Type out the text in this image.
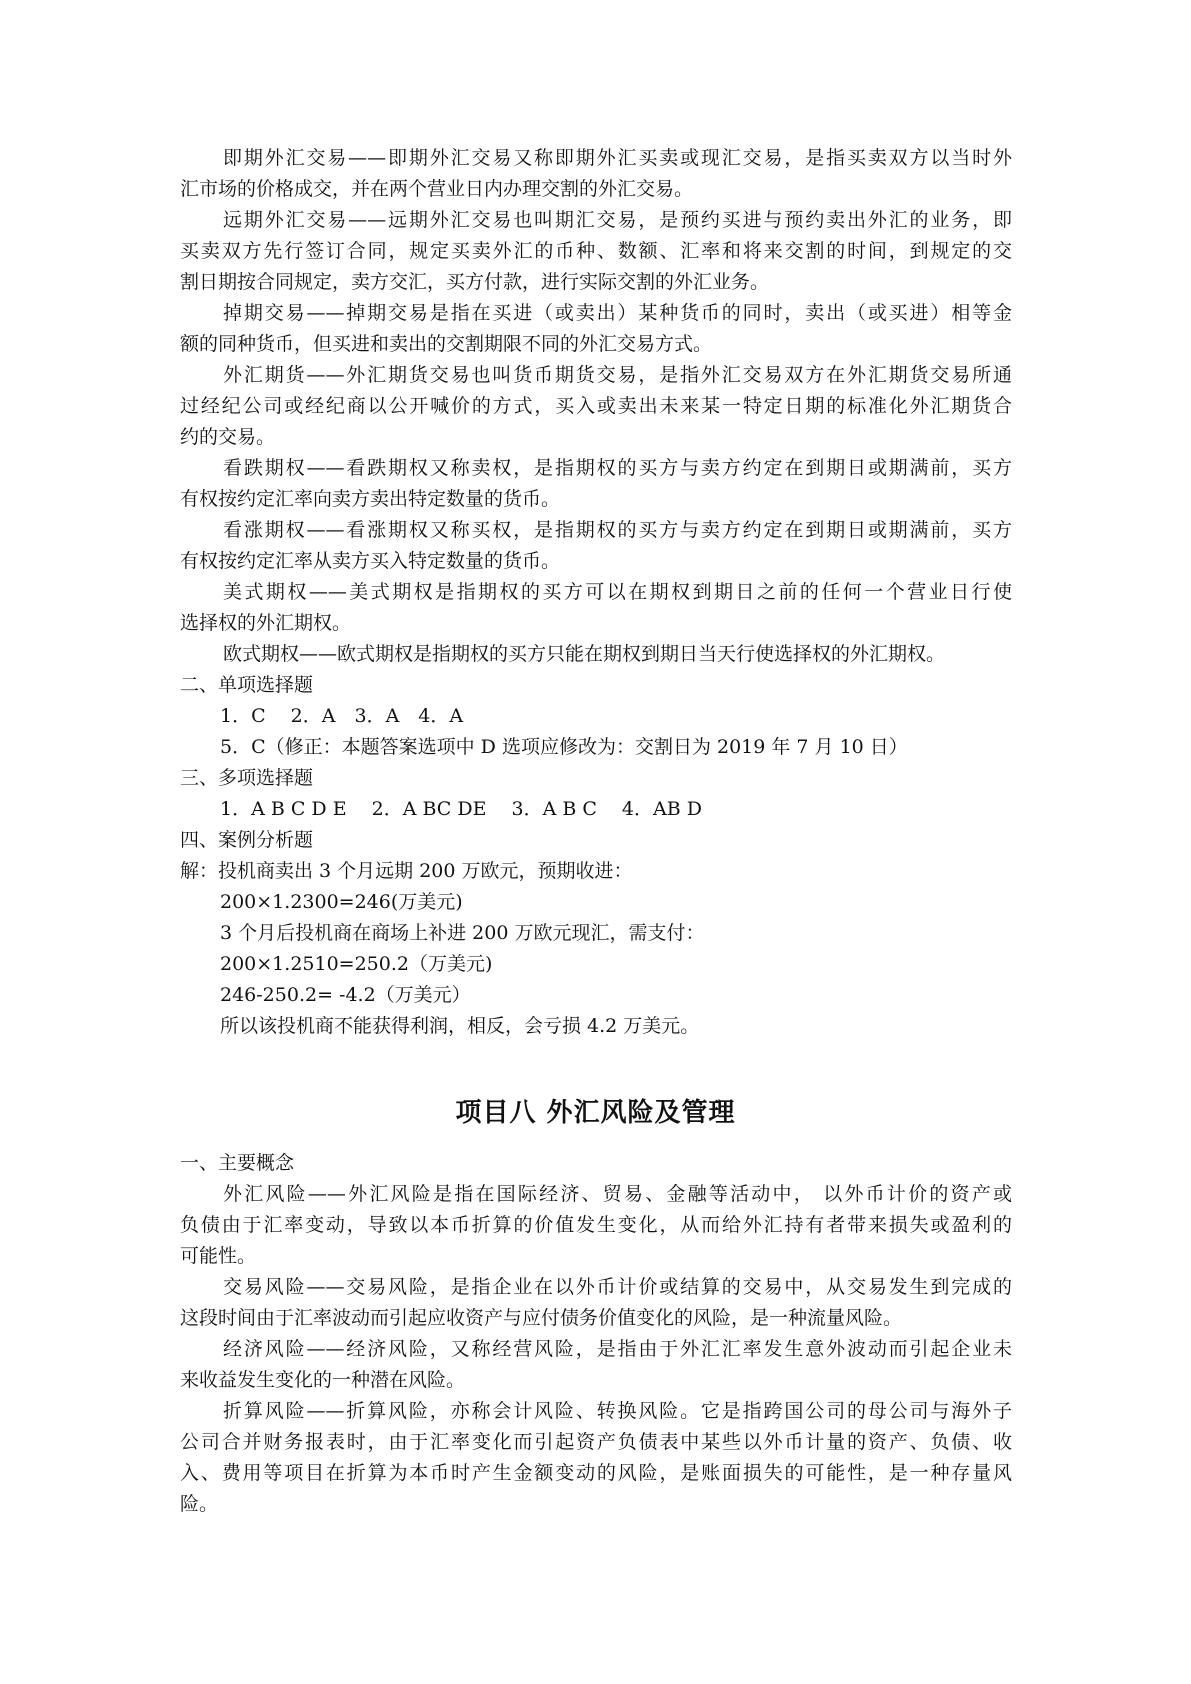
即期外汇交易——即期外汇交易又称即期外汇买卖或现汇交易，是指买卖双方以当时外
汇市场的价格成交，并在两个营业日内办理交割的外汇交易。
远期外汇交易——远期外汇交易也叫期汇交易，是预约买进与预约卖出外汇的业务，即
买卖双方先行签订合同，规定买卖外汇的币种、数额、汇率和将来交割的时间，到规定的交
割日期按合同规定，卖方交汇，买方付款，进行实际交割的外汇业务。
掉期交易——掉期交易是指在买进（或卖出）某种货币的同时，卖出（或买进）相等金
额的同种货币，但买进和卖出的交割期限不同的外汇交易方式。
外汇期货——外汇期货交易也叫货币期货交易，是指外汇交易双方在外汇期货交易所通
过经纪公司或经纪商以公开喊价的方式，买入或卖出未来某一特定日期的标准化外汇期货合
约的交易。
看跌期权——看跌期权又称卖权，是指期权的买方与卖方约定在到期日或期满前，买方
有权按约定汇率向卖方卖出特定数量的货币。
看涨期权——看涨期权又称买权，是指期权的买方与卖方约定在到期日或期满前，买方
有权按约定汇率从卖方买入特定数量的货币。
美式期权——美式期权是指期权的买方可以在期权到期日之前的任何一个营业日行使
选择权的外汇期权。
欧式期权——欧式期权是指期权的买方只能在期权到期日当天行使选择权的外汇期权。
二、单项选择题
1．C　 2．A　3．A　4．A
5．C（修正：本题答案选项中 D 选项应修改为：交割日为 2019 年 7 月 10 日）
三、多项选择题
1．A B C D E　 2．A BC DE　 3．A B C　 4．AB D
四、案例分析题
解：投机商卖出 3 个月远期 200 万欧元，预期收进：
200×1.2300=246(万美元)
3 个月后投机商在商场上补进 200 万欧元现汇，需支付：
200×1.2510=250.2（万美元)
246-250.2= -4.2（万美元）
所以该投机商不能获得利润，相反，会亏损 4.2 万美元。
项目八 外汇风险及管理
一、主要概念
外汇风险——外汇风险是指在国际经济、贸易、金融等活动中， 以外币计价的资产或
负债由于汇率变动，导致以本币折算的价值发生变化，从而给外汇持有者带来损失或盈利的
可能性。
交易风险——交易风险，是指企业在以外币计价或结算的交易中，从交易发生到完成的
这段时间由于汇率波动而引起应收资产与应付债务价值变化的风险，是一种流量风险。
经济风险——经济风险，又称经营风险，是指由于外汇汇率发生意外波动而引起企业未
来收益发生变化的一种潜在风险。
折算风险——折算风险，亦称会计风险、转换风险。它是指跨国公司的母公司与海外子
公司合并财务报表时，由于汇率变化而引起资产负债表中某些以外币计量的资产、负债、收
入、费用等项目在折算为本币时产生金额变动的风险，是账面损失的可能性，是一种存量风
险。
